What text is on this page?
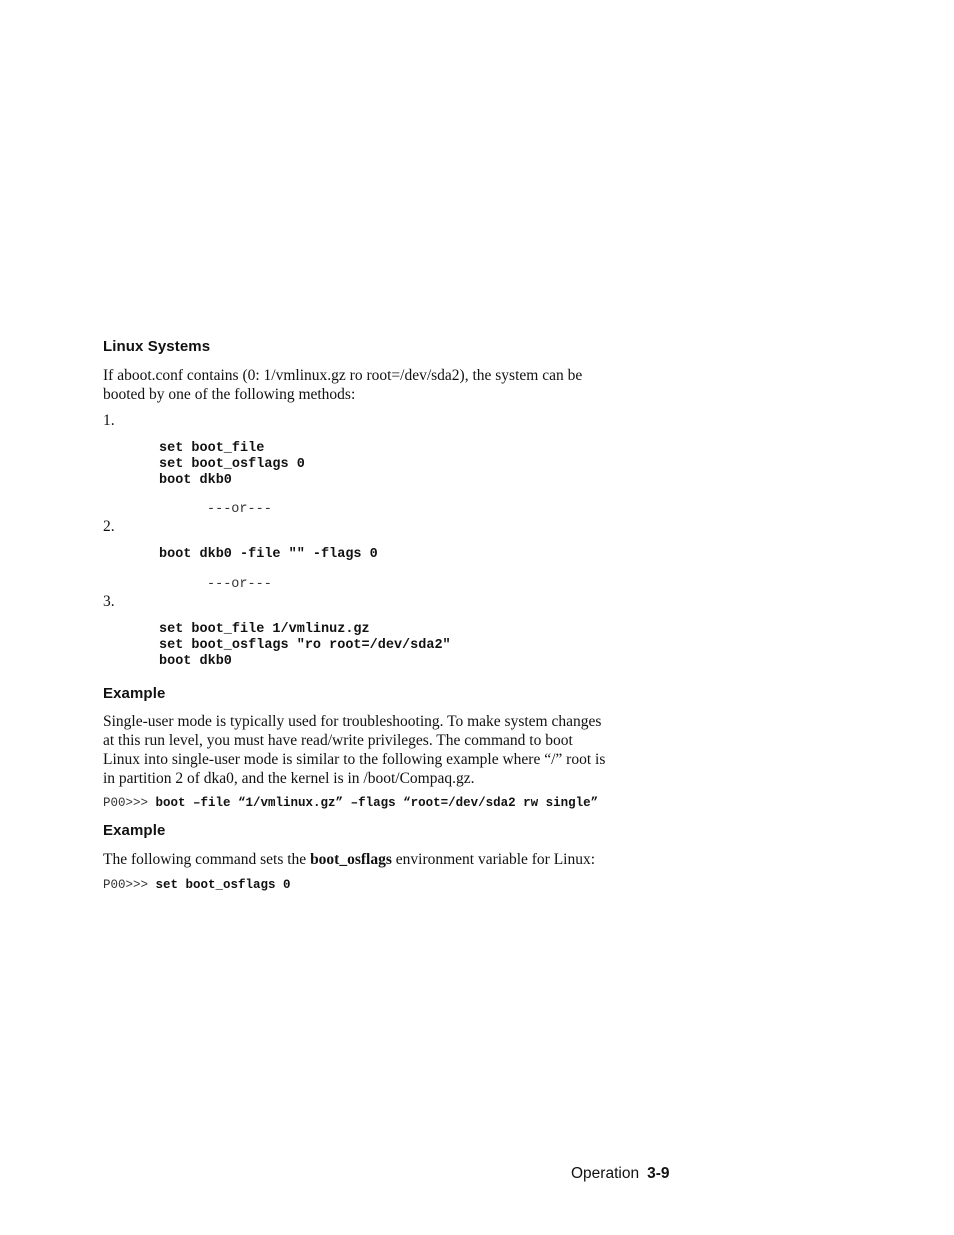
Linux Systems
If aboot.conf contains (0: 1/vmlinux.gz ro root=/dev/sda2), the system can be
booted by one of the following methods:
1.
set boot_file
set boot_osflags 0
boot dkb0
---or---
2.
boot dkb0 -file "" -flags 0
---or---
3.
set boot_file 1/vmlinuz.gz
set boot_osflags "ro root=/dev/sda2"
boot dkb0
Example
Single-user mode is typically used for troubleshooting. To make system changes
at this run level, you must have read/write privileges. The command to boot
Linux into single-user mode is similar to the following example where “/” root is
in partition 2 of dka0, and the kernel is in /boot/Compaq.gz.
P00>>> boot –file “1/vmlinux.gz” –flags “root=/dev/sda2 rw single”
Example
The following command sets the boot_osflags environment variable for Linux:
P00>>> set boot_osflags 0
Operation 3-9
